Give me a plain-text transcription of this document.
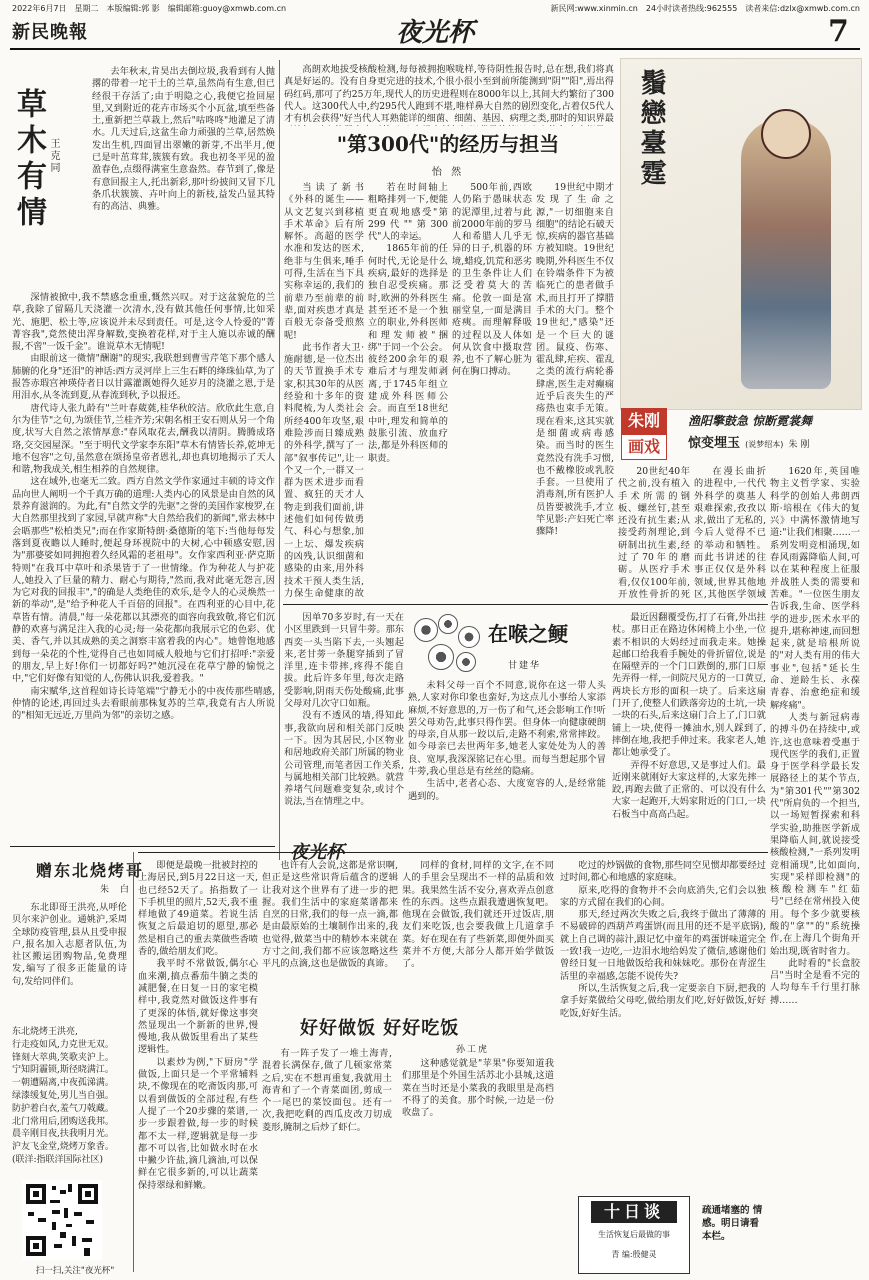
2022年6月7日　星期二　本版编辑:郭 影　编辑邮箱:guoy@xmwb.com.cn	新民网:www.xinmin.cn　24小时读者热线:962555　读者来信:dzlx@xmwb.com.cn
新民晚報	夜光杯	7
草木有情 王克同

去年秋末,肯昊出去倒垃圾,我看到有人抛撂的带着一坨干土的兰草,虽然尚有生意,但已经很干存活了;由于明隐之心,我便它捡回屋里,又到附近的花卉市场买个小瓦盆,填至些备土,重新把兰草栽上,然后"咕咚咚"地灌足了清水。几天过后,这盆生命力顽强的兰草,居然焕发出生机,四面冒出翠嫩的新芽,不出半月,便已是叶茁茸茸,簇簇有致。我也初冬平见的盈盈春色,点缀得满室生意盎然。春节到了,像是有意回报主人,托出新彩,那叶纷披间又冒下几条爪状簇簇、卉叶向上的新枝,益发凸显其特有的高洁、典雅。

深情被掀中,我不禁感念重重,慨然兴叹。对于这盆貌危的兰草,我除了留隔几天浇灌一次清水,没有做其他任何事情,比如采光、施肥、松土等,应该说并未尽到责任。可是,这令人怜爱的"菁菁容我",竟然使出浑身解数,变换着花样,对于主人施以赤诚的酬报,不啻"一饭千金"。谁说草木无情呢!

由眼前这一微情"酬谢"的现实,我联想到曹雪芹笔下那个感人肺腑的化身"还泪"的神话:西方灵河岸上三生石畔的绛珠仙草,为了报答赤瑕宫神瑛侍者日以甘露灌溉她得久延岁月的浇灌之恩,于是用泪水,从冬流到夏,从春流到秋,予以报还。

唐代诗人张九龄有"兰叶春葳蕤,桂华秋皎洁。欣欣此生意,自尔为佳节"之句,为颂佳节,兰桂齐芳;宋朝名相王安石则从另一个角度,状写大自然之浓情厚意:"春风取花去,酬我以清阴。腾腾成珞珞,交交园屋深。"至于明代文学家李东阳"草木有情皆长养,乾坤无地不包容"之句,虽然意在颂扬皇帝者恩礼,却也真切地揭示了天人和谐,物我成关,相生相养的自然规律。

这在域外,也毫无二致。西方自然文学作家通过丰硕的诗文作品向世人阐明一个千真万确的道理:人类内心的风景是由自然的风景养育滋润的。为此,有"自然文学的先驱"之誉的美国作家梭罗,在大自然那里找到了家园,早就声称"大自然给我们的新闻",常去林中会晤那些"松柏类兄";而在作家斯特朗·桑德斯的笔下:当他每每发落到夏夜瞻以人睡时,便起身环视院中的大树,心中顿感安慰,因为"那婆娑如同拥抱着久经风霜的老祖母"。女作家西利亚·萨克斯特则"在我耳中草叶和杀果皆于了一世情缘。作为种花人与护花人,她投入了巨量的精力、耐心与期待,"然而,我对此毫无怨言,因为它对我的回报丰","的确是人类绝佳的欢乐,是令人的心灵焕然一新的举动",是"给予种花人千百倍的回报"。在西利亚的心目中,花草皆有情。清晨,"每一朵花都以其漂亮的面容向我致敬,将它们沉静的欢喜与满足注入我的心灵;每一朵花都向我展示它的色彩、优美、香气,并以其成熟的美之洞察丰富着我的内心"。她曾饱地感到每一朵花的个性,觉得自己也如同威人般地与它们打招呼:"亲爱的朋友,早上好!你们一切都好吗?"她沉浸在花草宁静的愉悦之中,"它们好像有知觉的人,伤佛认识我,爱着我。"

南宋赋华,这首程如诗长诗笔端"宁静无小的中夜传那些晴感,仲情的论述,再回过头去看眼前那株复苏的兰草,我竟有古人所说的"相知无远近,万里尚为邻"的亲切之感。

"第300代"的经历与担当
怡 然

高朗欢地拔受核酸检测,每每被拥抱喉咙样,等待阴性报告时,总在想,我们将真真是好运的。没有自身更完进的技术,个很小很小至到前所能测到"阴""阳",焉出得码红码,那可了约25万年,现代人的历史进程则在8000年以上,其间大约繁衍了300代人。这300代人中,约295代人跑到不堪,唯样鼻大自然的剧烈变化,占着仅5代人才有机会获得"好当代人耳熟能详的细菌、细菌、基因、病理之类,那时的知识界最

当读了新书《外科的诞生——从文艺复兴到移植手术革命》后有所解怀。高超的医学水准和发达的医术,绝非与生俱来,唾手可得,生活在当下具实称幸运的,我们的前辈乃至前辈的前辈,面对疾患才真是百般无奈备受煎熬呢!

此书作者大卫·施耐德,是一位杰出的天节置换手术专家,积其30年的从医经验和十多年的资料爬梳,为人类社会所经400年攻坚,艰难险涉而日臻成熟的外科学,撰写了一部"叙事传记",让一个又一个,一群又一群为医术进步而看置、疯狂的天才人物走到我们面前,讲述他们如何传做勇气、科心与想象,加一上坛、爆发疾病的凶残,认识细菌和感染的由来,用外科技术干预人类生活,力保生命健康的故

若在时间轴上粗略排列一下,便能更直观地感受"第299代""第300代"人的幸运。

1865年前的任何时代,无论是什么疾病,最好的选择是独自忍受疾痛。那时,欧洲的外科医生甚至还不是一个独立的职业,外科医师和理发师被"捆绑"于同一个公会。彼经200余年的艰难后才与理发师剥离,于1745年组立建成外科医师公会。而直至18世纪中叶,理发和简单的鼓胀引流、放血疗法,都是外科医师的职责。

500年前,西欧人仍陷于愚昧状态的泥潭里,过着与此前2000年前的罗马人和希腊人几乎无异的日子,机器的环境,蜡疫,饥荒和恶劣的卫生条件让人们泛受着莫大的苦痛。伦敦一面是富丽堂皇,一面是满目疮痍。而理解释吸的过程以及人体如何从饮食中摄取营养,也不了解心脏为何在胸口搏动。

19世纪中期才发现了生命之源,"一切细胞来自细胞"的结论石破天惊,疾病的器官基础方被知晓。19世纪晚期,外科医生不仅在铃端条件下为被临死亡的患者做手术,而且打开了撑腊手术的大门。整个19世纪,"感染"还是一个巨大的谜团。鼠疫、伤寒、霍乱肆,疟疾、霍乱之类的流行病轮番肆虐,医生走对癫痫近乎后丧失生的严疡热也束手无策。现在看来,这其实就是细菌或病毒感染。而当时的医生竟然没有洗手习惯,也不戴橡胶或乳胶手套。一旦使用了消毒剂,所有医护人员皆要被洗手,才立竿见影:产妇死亡率骤降!

20世纪40年代之前,没有植入手术所需的钢板、螺丝钉,甚至还没有抗生素;从接受药剂理论,到研制出抗生素,经过了70年的磨砺。从医疗手术看,仅仅100年前,开放性骨折的死

在漫长曲折的进程中,一代代外科学的奠基人艰难探索,孜孜以求,做出了无私的,今后人觉得不已的举动和牺牲。而此书讲述的往事正仅仅是外科领域,世界其他地区,其他医学领域

1620年,英国唯物主义哲学家、实验科学的创始人弗朗西斯·培根在《伟大的复兴》中满怀激情地写道:"让我们相聚……一系列发明竞相涌现,如春风雨露降临人间,可以在某种程度上征服并战胜人类的需要和苦难。"一位医生朋友告诉我,生命、医学科学的进步,医术水平的提升,堪称神速,而回想起来,就是培根所说的"对人类有用的伟大事业",包括"延长生命、逆龄生长、永葆青春、治愈绝症和缓解疼痛"。

人类与新冠病毒的搏斗仍在持续中,或许,这也意味着受惠于现代医学的我们,正置身于医学科学最长发展路径上的某个节点,为"第301代""第302代"所肩负的一个担当,以一场短暂探索和科学实验,助推医学新成果降临人间,就说接受核酸检测,"一系列发明竞相涌现",比如面向,实现"采样即检测"的核酸检测车"红茹号"已经在常州投入使用。每个多少就要核酸的"拿""的"系统操作,在上海几个街角开始出现,既省时省力。

此时看的"长盒胶吕"当时全是看不完的人均每车千行里打脉搏……

鬚戀臺霆
朱刚
画戏
渔阳擎鼓急 惊断霓裳舞
惊变埋玉 (说梦绍本) 朱 刚

因单70多岁时,有一天在小区里跌到一只冒牛蒡。那东西奕一头当陷下去,一头翘起来,老甘蒡一条腿穿插到了冒洋里,连卡带摔,疼得不能自拔。此后许多年里,每次走路受影响,阴雨天伤处酸痛,此事父母对几次守口如瓶。

没有不透风的墙,得知此事,我欲向居和相关部门反映一下。因为其居民,小区物业和居地政府关部门所属的物业公司管理,而笔者因工作关系,与属地相关部门比较熟。就营养堵气问题难变复杂,或讨个说法,当在情理之中。

在喉之鲠
甘建华

未料父母一百个不同意,说你在这一带人头熟,人家对你印象也蛮好,为这点儿小事给人家添麻烦,不好意思的,万一伤了和气,还会影响工作!听罢父母劝告,此事只得作罢。但身体一向健康硬朗的母亲,自从那一跤以后,走路不利索,常常摔跤。如今母亲已去世两年多,她老人家处处为人的善良、宽厚,我深深铭记在心里。而每当想起那个冒牛蒡,我心里总是有丝丝的隐痛。

生活中,老者心态、大度宽容的人,是经常能遇到的。

最近因翻覆受伤,打了石膏,外出拄杖。那日正在路边休闲椅上小坐,一位素不相识的大妈经过而我走来。她操起邮口给我看手腕处的骨折留位,说是在隔壁弄的一个门口跌倒的,那门口原先弄得一样,一间院尺见方的一口黄豆,两块长方形的面积一块了。后来这扇门开了,使整人们跌落旁边的土坑,一块一块的石头,后来这扇门合上了,门口就铺上一块,使得一摊油水,别人踩到了,摔倒在地,我把手伸过来。我家老人,她都让她承受了。

弄得不好意思,又是事过人们。最近刚来就刚好大家这样的,大家先摔一跤,再跑去做了正常的、可以没有什么大家一起跑开,大妈家附近的门口,一块石板当中高高凸起。

夜光杯
赠东北烧烤哥
朱 白

东北即哥王洪亮,从呼伦贝尔来沪创业。通姚沪,采周全球防疫管理,县从且受申报户,报名加入志愿者队伍,为社区搬运团购物品,免费理发,编写了很多正能量的诗句,发给同伴们。

东北烧烤王洪亮,
行走疫如风,力克世无双。
锋刻大萃典,笑歌夹沪上。
宁知阴霾锁,斯径晓满江。
一朝遭隔离,中夜孤涕满。
绿漆缓复处,男儿当自强。
防护着白衣,羞气刀戟藏。
北门常用后,团购送我邦。
晨辛刚目夜,扶我明月光。
沪友飞金堂,烧烤万象香。
(联洋:指联洋国际社区)
扫一扫,关注"夜光杯"

即便是最晚一批被封控的上海居民,到5月22日这一天,也已经52天了。掐指数了一下手机里的照片,52天,我不重样地做了49道菜。若说生活恢复之后最追切的愿望,那必然是相自己的重去菜做些香喷香的,做给朋友们吃。

我平时不常做饭,偶尔心血来潮,搞点番茄牛腩之类的减肥餐,在日复一日的家宅模样中,我竟然对做饭这件事有了更深的体悟,就好像这事突然显现出一个新新的世界,慢慢地,我从做饭里看出了某些逻辑性。

以素炒为例,"下厨房"学做饭,上面只是一个平常辅料块,不像现在的吃斋饭肉那,可以看到做饭的全部过程,有些人提了一个20步骤的菜谱,一步一步跟着做,每一步的时候都不太一样,逻辑就是每一步都不可以省,比如做水时在水中撇少许盐,滴几滴油,可以保鲜在它很多新的,可以让蔬菜保持翠绿和鲜嫩。

也许有人会说,这都是常识啊,但正是这些常识背后蕴含的逻辑让我对这个世界有了进一步的把握。我们生活中的家庭菜谱都来自烹的日常,我们的每一点一滴,都是由最原始的土壤制作出来的,我也觉得,做菜当中的精妙本来就在方寸之间,我们都不应该忽略这些平凡的点滴,这也是做饭的真谛。

好好做饭 好好吃饭
孙工虎

有一阵子发了一堆土海青,混着长满保存,做了几顿家常菜之后,实在不想再重复,我就用土海青和了一个青菜面团,剪成一个一尾巴的菜饺面包。还有一次,我把吃剩的西瓜皮改刀切成菱形,腌制之后炒了虾仁。

同样的食材,同样的文字,在不同人的手里会呈现出不一样的品质和效果。我果然生活不安分,喜欢弄点创意性的东西。这些点跟我遭遇恢复吧。他现在会做饭,我们就还开过饭店,朋友们来吃饭,也会要我做上几道拿手菜。好在现在有了些新菜,即便外面买菜并不方便,大部分人都开始学做饭了。

这种感觉就是"苹果"你要知道我们那里是个外国生活苏北小县城,这道菜在当时还是小菜我的我眼里是高档不得了的美食。那个时候,一边是一份收盘了。

吃过的炒锅做的食物,那些同空见惯却都要经过过时间,都心和地感的家庭味。

原来,吃得的食物并不会向底消失,它们会以独家的方式留在我们的心间。

那天,经过两次失败之后,我终于做出了薄薄的不易破碎的西葫芦鸡蛋饼(而且用的还不是平底锅),就上自己调的蒜汁,跟记忆中童年的鸡蛋饼味道完全一致!我一边吃,一边泪水地给妈发了微信,感谢他们曾经日复一日地做饭给我和妹妹吃。那份在青涩生活里的幸福感,怎能不说传失?

所以,生活恢复之后,我一定要亲自下厨,把我的拿手好菜做给父母吃,做给朋友们吃,好好做饭,好好吃饭,好好生活。

十日谈
生活恢复后最做的事
青 编:殷健灵
疏通堵塞的 情感。明日请看本栏。
